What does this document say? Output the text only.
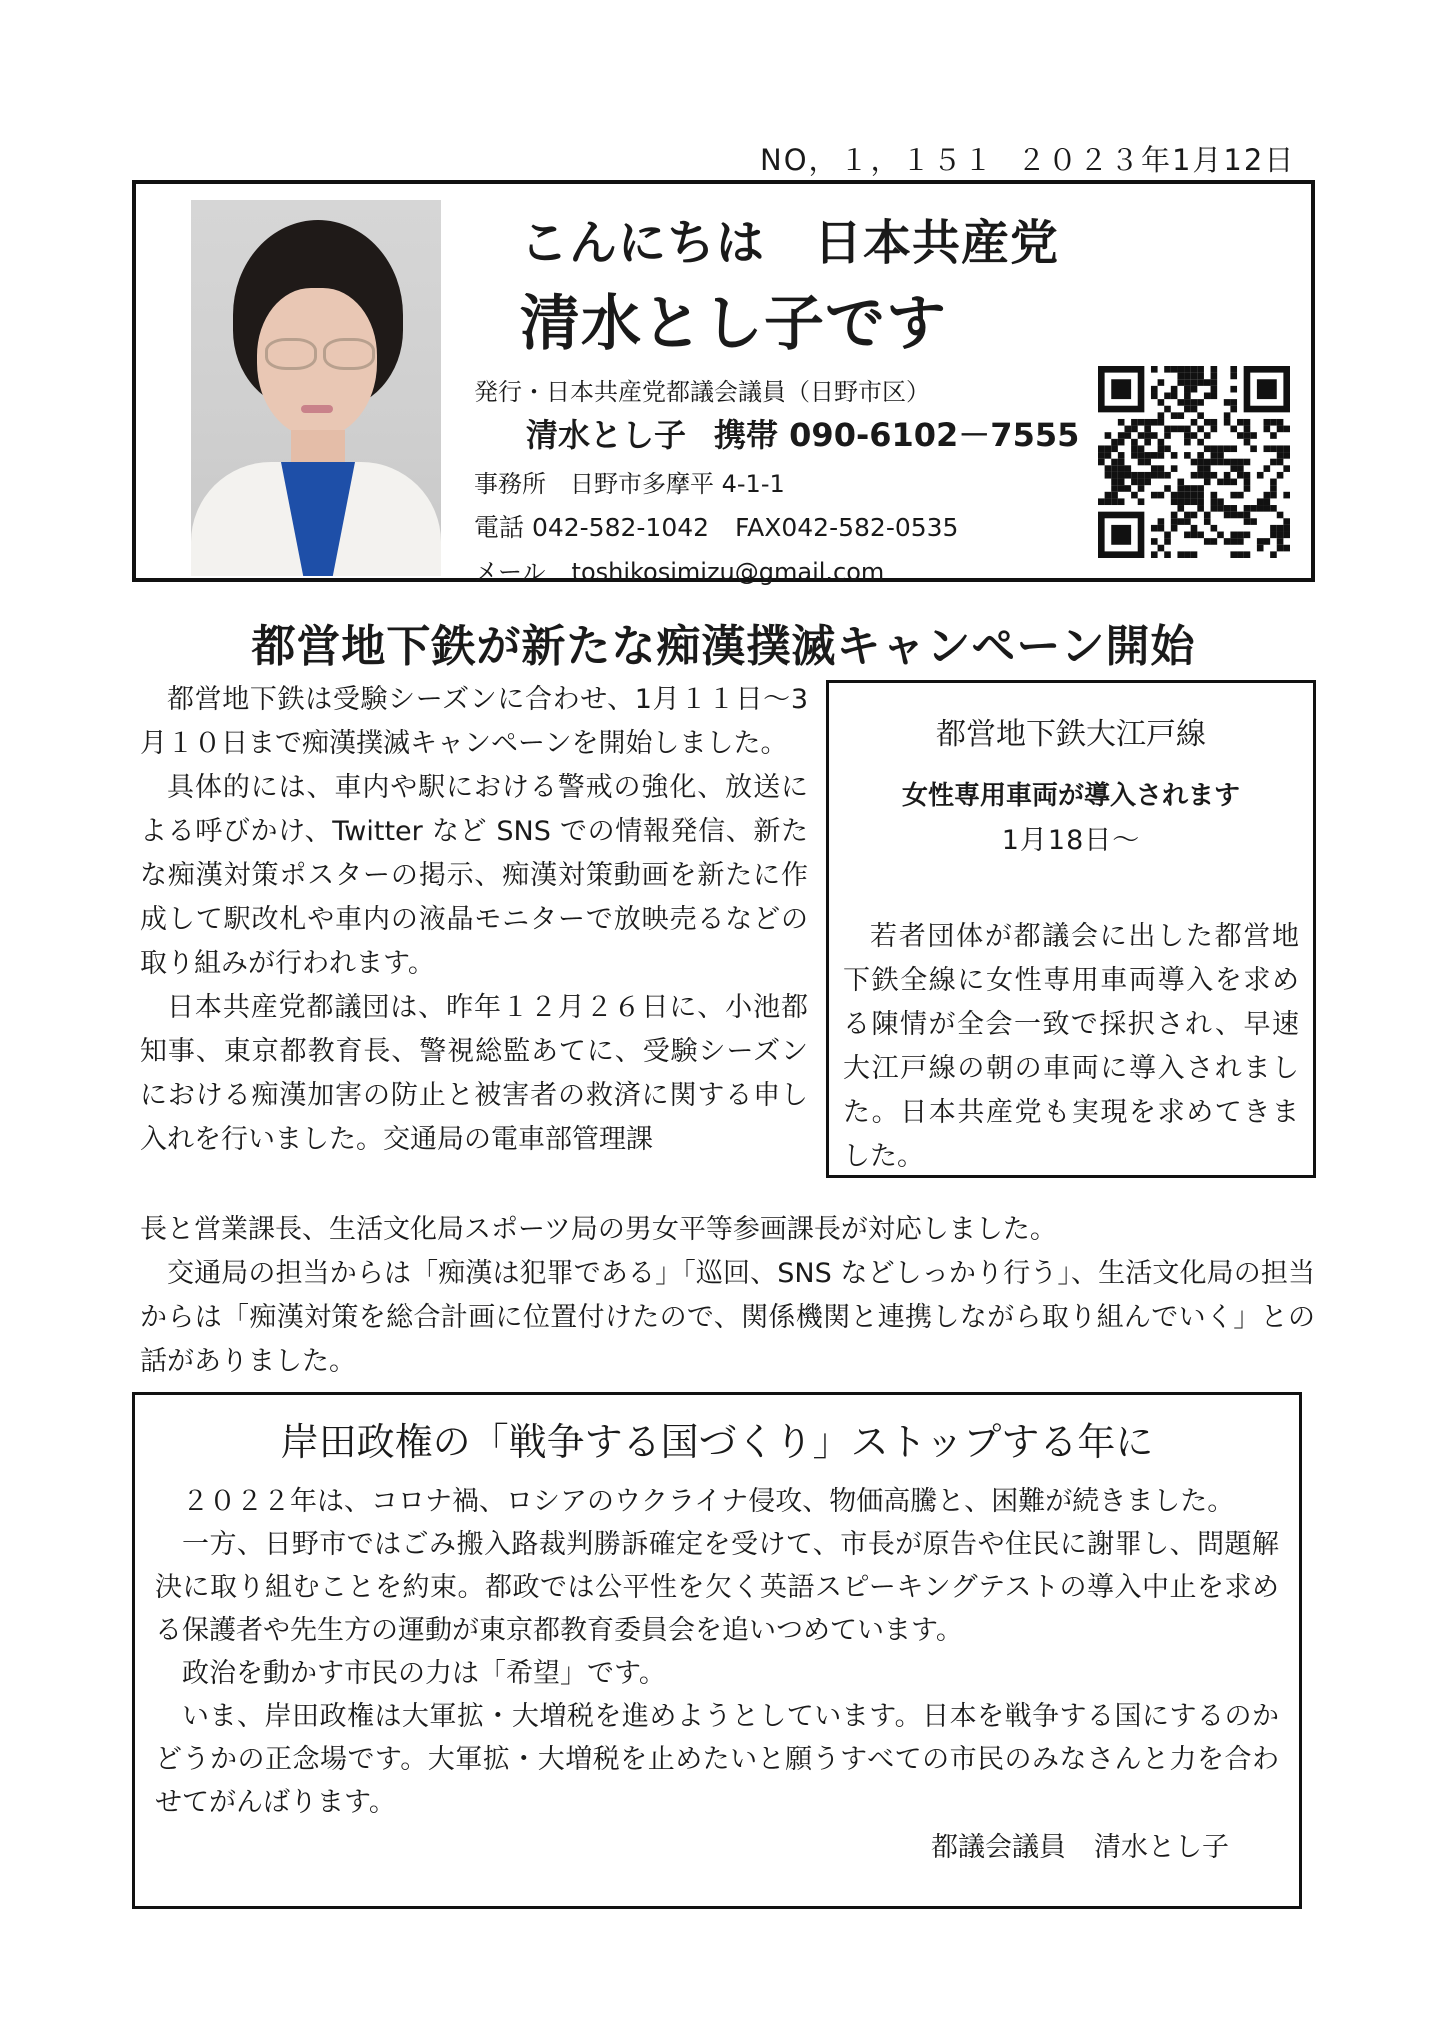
NO，１，１５１ ２０２３年1月12日
こんにちは　日本共産党
清水とし子です
発行・日本共産党都議会議員（日野市区）
清水とし子 携帯 090-6102－7555
事務所　日野市多摩平 4-1-1
電話 042-582-1042 FAX042-582-0535
メール toshikosimizu@gmail.com
都営地下鉄が新たな痴漢撲滅キャンペーン開始

都営地下鉄は受験シーズンに合わせ、1月１１日～3月１０日まで痴漢撲滅キャンペーンを開始しました。

具体的には、車内や駅における警戒の強化、放送による呼びかけ、Twitter など SNS での情報発信、新たな痴漢対策ポスターの掲示、痴漢対策動画を新たに作成して駅改札や車内の液晶モニターで放映売るなどの取り組みが行われます。

日本共産党都議団は、昨年１２月２６日に、小池都知事、東京都教育長、警視総監あてに、受験シーズンにおける痴漢加害の防止と被害者の救済に関する申し入れを行いました。交通局の電車部管理課

都営地下鉄大江戸線
女性専用車両が導入されます
1月18日～

若者団体が都議会に出した都営地下鉄全線に女性専用車両導入を求める陳情が全会一致で採択され、早速大江戸線の朝の車両に導入されました。日本共産党も実現を求めてきました。

長と営業課長、生活文化局スポーツ局の男女平等参画課長が対応しました。

交通局の担当からは「痴漢は犯罪である」「巡回、SNS などしっかり行う」、生活文化局の担当からは「痴漢対策を総合計画に位置付けたので、関係機関と連携しながら取り組んでいく」との話がありました。

岸田政権の「戦争する国づくり」ストップする年に

２０２２年は、コロナ禍、ロシアのウクライナ侵攻、物価高騰と、困難が続きました。

一方、日野市ではごみ搬入路裁判勝訴確定を受けて、市長が原告や住民に謝罪し、問題解決に取り組むことを約束。都政では公平性を欠く英語スピーキングテストの導入中止を求める保護者や先生方の運動が東京都教育委員会を追いつめています。

政治を動かす市民の力は「希望」です。

いま、岸田政権は大軍拡・大増税を進めようとしています。日本を戦争する国にするのかどうかの正念場です。大軍拡・大増税を止めたいと願うすべての市民のみなさんと力を合わせてがんばります。

都議会議員 清水とし子
